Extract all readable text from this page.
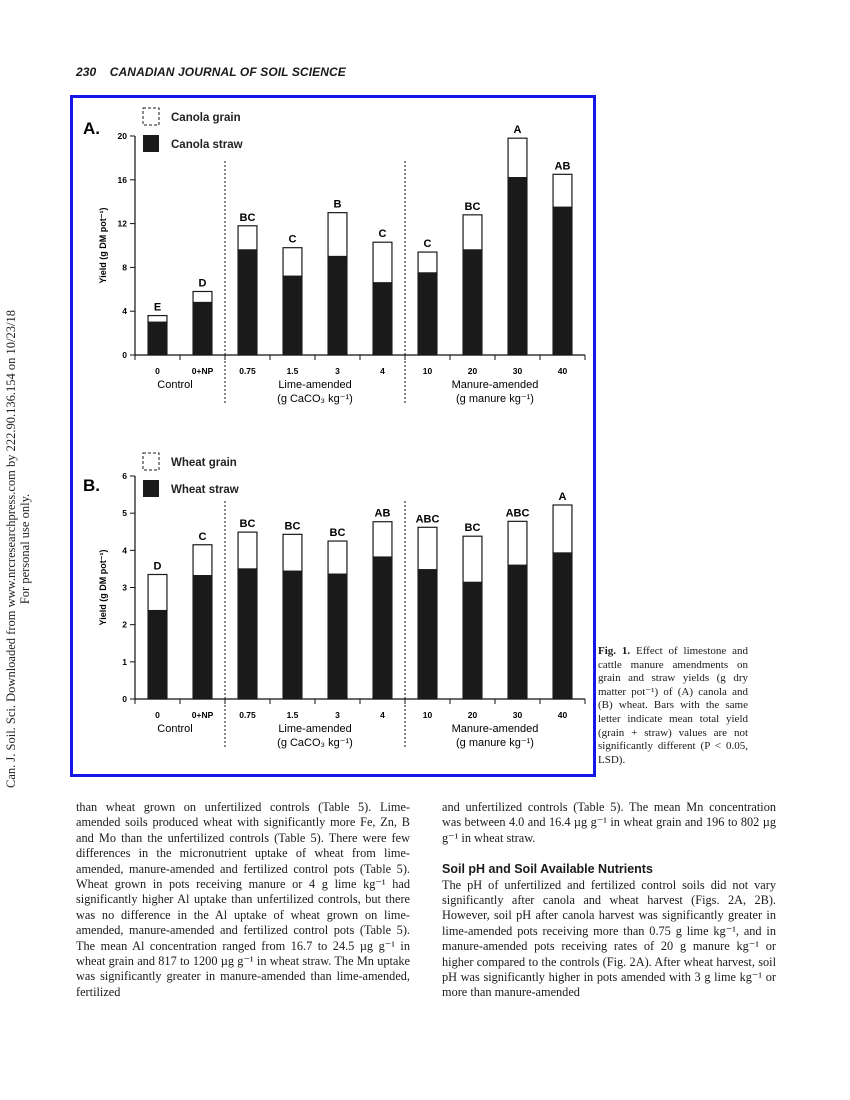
230 CANADIAN JOURNAL OF SOIL SCIENCE
Can. J. Soil. Sci. Downloaded from www.nrcresearchpress.com by 222.90.136.154 on 10/23/18 For personal use only.
A.
Canola grain
Canola straw
0
4
8
12
16
20
Yield (g DM pot⁻¹)
E
0
D
0+NP
BC
0.75
C
1.5
B
3
C
4
C
10
BC
20
A
30
AB
40
Control	Lime-amended
(g CaCO₃ kg⁻¹)
Manure-amended
(g manure kg⁻¹)
B.
Wheat grain
Wheat straw
0
1
2
3
4
5
6
Yield (g DM pot⁻¹)	D
0
C
0+NP
BC
0.75
BC
1.5
BC
3
AB
4
ABC
10
BC
20
ABC
30
A
40
Control	Lime-amended
(g CaCO₃ kg⁻¹)
Manure-amended
(g manure kg⁻¹)
Fig. 1. Effect of limestone and cattle manure amendments on grain and straw yields (g dry matter pot⁻¹) of (A) canola and (B) wheat. Bars with the same letter indicate mean total yield (grain + straw) values are not significantly different (P < 0.05, LSD).

than wheat grown on unfertilized controls (Table 5). Lime-amended soils produced wheat with significantly more Fe, Zn, B and Mo than the unfertilized controls (Table 5). There were few differences in the micronutrient uptake of wheat from lime-amended, manure-amended and fertilized control pots (Table 5). Wheat grown in pots receiving manure or 4 g lime kg⁻¹ had significantly higher Al uptake than unfertilized controls, but there was no difference in the Al uptake of wheat grown on lime-amended, manure-amended and fertilized control pots (Table 5). The mean Al concentration ranged from 16.7 to 24.5 µg g⁻¹ in wheat grain and 817 to 1200 µg g⁻¹ in wheat straw. The Mn uptake was significantly greater in manure-amended than lime-amended, fertilized

and unfertilized controls (Table 5). The mean Mn concentration was between 4.0 and 16.4 µg g⁻¹ in wheat grain and 196 to 802 µg g⁻¹ in wheat straw.

Soil pH and Soil Available Nutrients

The pH of unfertilized and fertilized control soils did not vary significantly after canola and wheat harvest (Figs. 2A, 2B). However, soil pH after canola harvest was significantly greater in lime-amended pots receiving more than 0.75 g lime kg⁻¹, and in manure-amended pots receiving rates of 20 g manure kg⁻¹ or higher compared to the controls (Fig. 2A). After wheat harvest, soil pH was significantly higher in pots amended with 3 g lime kg⁻¹ or more than manure-amended
